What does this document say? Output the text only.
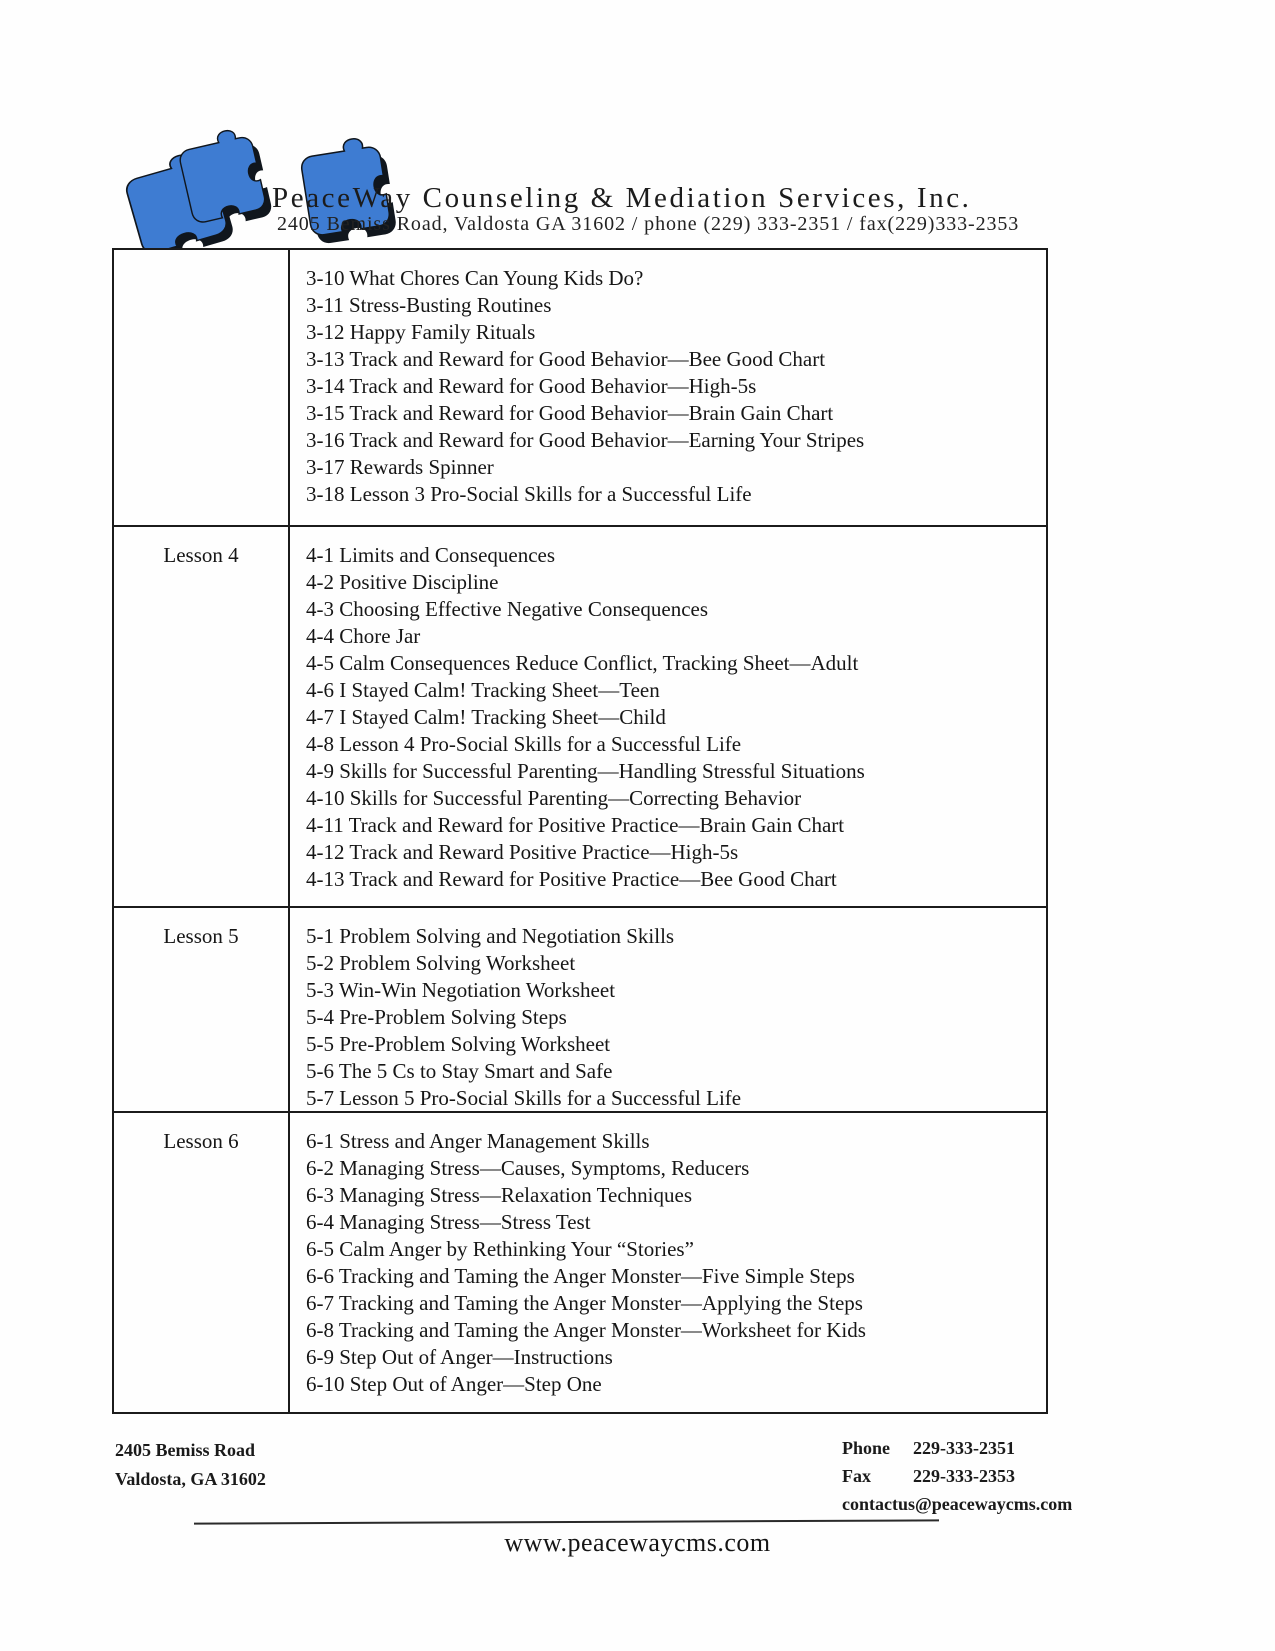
PeaceWay Counseling & Mediation Services, Inc.
2405 Bemiss Road, Valdosta GA 31602 / phone (229) 333-2351 / fax(229)333-2353
3-10 What Chores Can Young Kids Do?
3-11 Stress-Busting Routines
3-12 Happy Family Rituals
3-13 Track and Reward for Good Behavior—Bee Good Chart
3-14 Track and Reward for Good Behavior—High-5s
3-15 Track and Reward for Good Behavior—Brain Gain Chart
3-16 Track and Reward for Good Behavior—Earning Your Stripes
3-17 Rewards Spinner
3-18 Lesson 3 Pro-Social Skills for a Successful Life
Lesson 4	4-1 Limits and Consequences
4-2 Positive Discipline
4-3 Choosing Effective Negative Consequences
4-4 Chore Jar
4-5 Calm Consequences Reduce Conflict, Tracking Sheet—Adult
4-6 I Stayed Calm! Tracking Sheet—Teen
4-7 I Stayed Calm! Tracking Sheet—Child
4-8 Lesson 4 Pro-Social Skills for a Successful Life
4-9 Skills for Successful Parenting—Handling Stressful Situations
4-10 Skills for Successful Parenting—Correcting Behavior
4-11 Track and Reward for Positive Practice—Brain Gain Chart
4-12 Track and Reward Positive Practice—High-5s
4-13 Track and Reward for Positive Practice—Bee Good Chart
Lesson 5	5-1 Problem Solving and Negotiation Skills
5-2 Problem Solving Worksheet
5-3 Win-Win Negotiation Worksheet
5-4 Pre-Problem Solving Steps
5-5 Pre-Problem Solving Worksheet
5-6 The 5 Cs to Stay Smart and Safe
5-7 Lesson 5 Pro-Social Skills for a Successful Life
Lesson 6	6-1 Stress and Anger Management Skills
6-2 Managing Stress—Causes, Symptoms, Reducers
6-3 Managing Stress—Relaxation Techniques
6-4 Managing Stress—Stress Test
6-5 Calm Anger by Rethinking Your “Stories”
6-6 Tracking and Taming the Anger Monster—Five Simple Steps
6-7 Tracking and Taming the Anger Monster—Applying the Steps
6-8 Tracking and Taming the Anger Monster—Worksheet for Kids
6-9 Step Out of Anger—Instructions
6-10 Step Out of Anger—Step One
2405 Bemiss Road
Valdosta, GA 31602
Phone	229-333-2351
Fax	229-333-2353
contactus@peacewaycms.com
www.peacewaycms.com
